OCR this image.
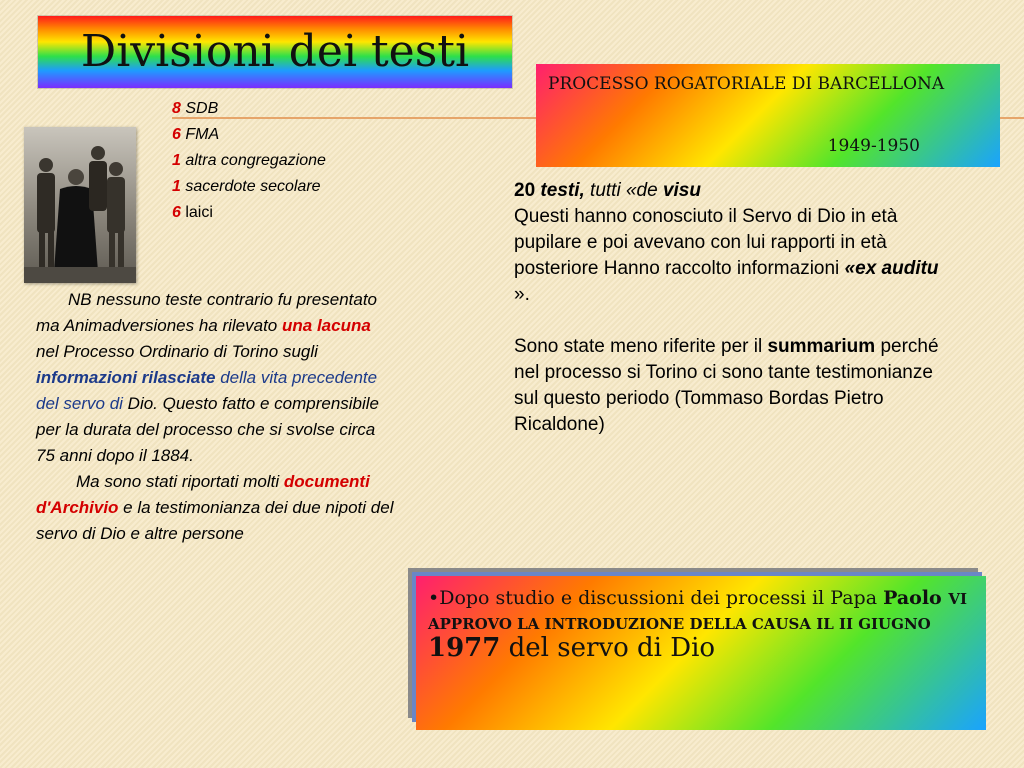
Divisioni dei testi
8 SDB
6 FMA
1 altra congregazione
1 sacerdote secolare
6 laici
NB nessuno teste contrario fu presentato ma Animadversiones ha rilevato una lacuna nel Processo Ordinario di Torino sugli informazioni rilasciate della vita precedente del servo di Dio. Questo fatto e comprensibile per la durata del processo che si svolse circa 75 anni dopo il 1884.
Ma sono stati riportati molti documenti d'Archivio e la testimonianza dei due nipoti del servo di Dio e altre persone
PROCESSO ROGATORIALE DI BARCELLONA
1949-1950

20 testi, tutti «de visu
Questi hanno conosciuto il Servo di Dio in età pupilare e poi avevano con lui rapporti in età posteriore Hanno raccolto informazioni «ex auditu ».

Sono state meno riferite per il summarium perché nel processo si Torino ci sono tante testimonianze sul questo periodo (Tommaso Bordas Pietro Ricaldone)

•Dopo studio e discussioni dei processi il Papa Paolo VI APPROVO LA INTRODUZIONE DELLA CAUSA IL II GIUGNO 1977 del servo di Dio
